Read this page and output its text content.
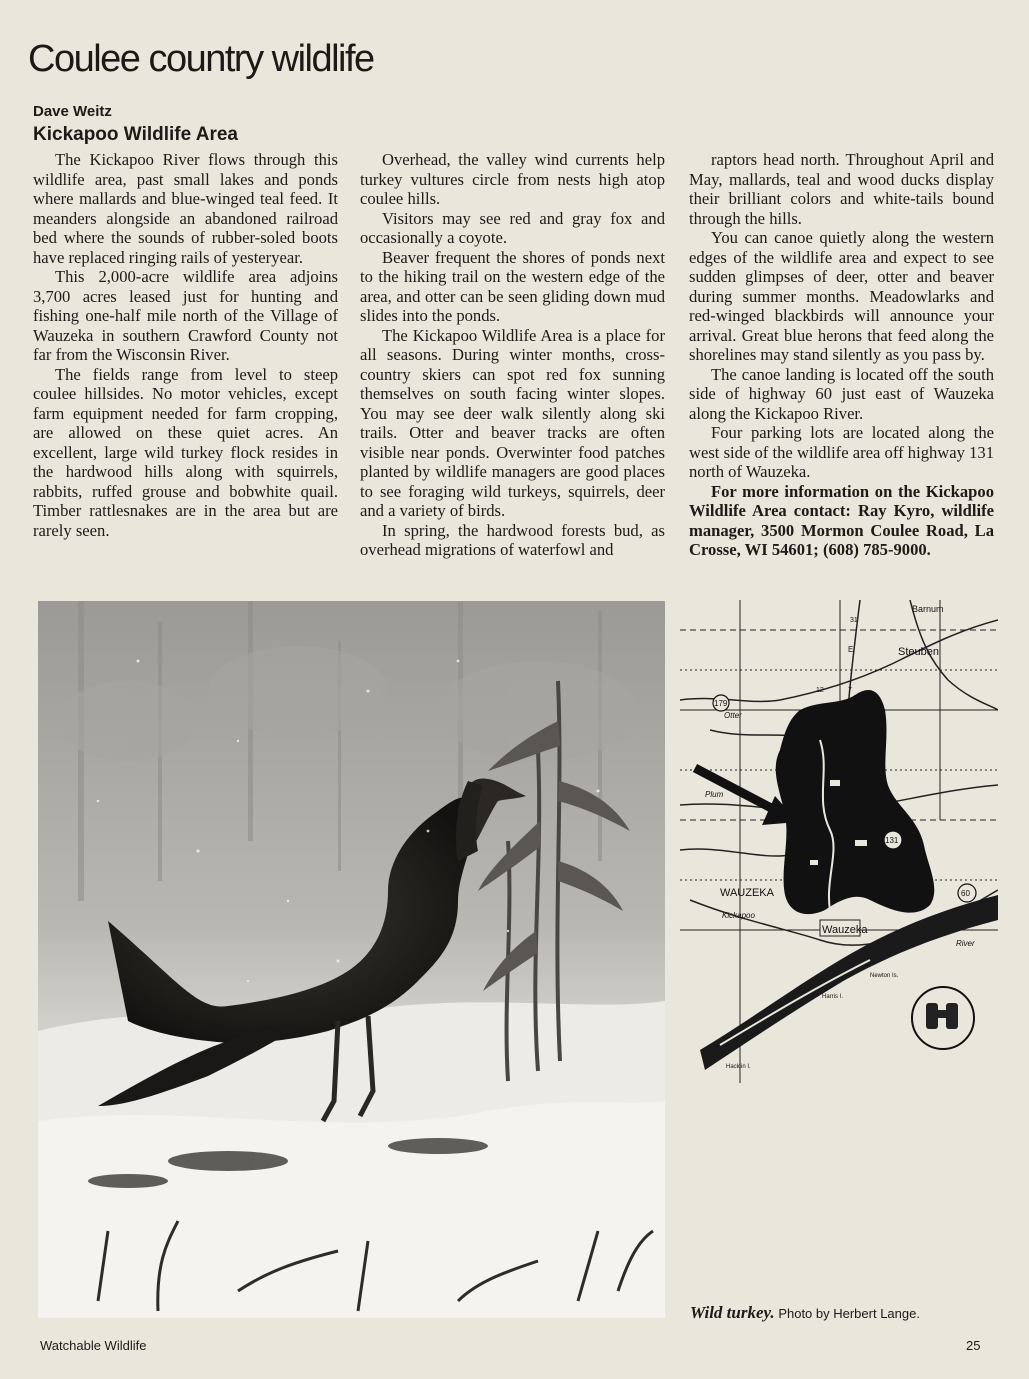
Coulee country wildlife
Dave Weitz
Kickapoo Wildlife Area

The Kickapoo River flows through this wildlife area, past small lakes and ponds where mallards and blue-winged teal feed. It meanders alongside an abandoned railroad bed where the sounds of rubber-soled boots have replaced ringing rails of yesteryear.

This 2,000-acre wildlife area adjoins 3,700 acres leased just for hunting and fishing one-half mile north of the Village of Wauzeka in southern Crawford County not far from the Wisconsin River.

The fields range from level to steep coulee hillsides. No motor vehicles, except farm equipment needed for farm cropping, are allowed on these quiet acres. An excellent, large wild turkey flock resides in the hardwood hills along with squirrels, rabbits, ruffed grouse and bobwhite quail. Timber rattlesnakes are in the area but are rarely seen.

Overhead, the valley wind currents help turkey vultures circle from nests high atop coulee hills.

Visitors may see red and gray fox and occasionally a coyote.

Beaver frequent the shores of ponds next to the hiking trail on the western edge of the area, and otter can be seen gliding down mud slides into the ponds.

The Kickapoo Wildlife Area is a place for all seasons. During winter months, cross-country skiers can spot red fox sunning themselves on south facing winter slopes. You may see deer walk silently along ski trails. Otter and beaver tracks are often visible near ponds. Overwinter food patches planted by wildlife managers are good places to see foraging wild turkeys, squirrels, deer and a variety of birds.

In spring, the hardwood forests bud, as overhead migrations of waterfowl and

raptors head north. Throughout April and May, mallards, teal and wood ducks display their brilliant colors and white-tails bound through the hills.

You can canoe quietly along the western edges of the wildlife area and expect to see sudden glimpses of deer, otter and beaver during summer months. Meadowlarks and red-winged blackbirds will announce your arrival. Great blue herons that feed along the shorelines may stand silently as you pass by.

The canoe landing is located off the south side of highway 60 just east of Wauzeka along the Kickapoo River.

Four parking lots are located along the west side of the wildlife area off highway 131 north of Wauzeka.

For more information on the Kickapoo Wildlife Area contact: Ray Kyro, wildlife manager, 3500 Mormon Coulee Road, La Crosse, WI 54601; (608) 785-9000.

Barnum
Steuben
WAUZEKA
Wauzeka
Newton Is.
Harris I.
Hacklin I.
River
Kickapoo
Otter
Plum
179
131
60
31
12
13
7
E
N
Wild turkey. Photo by Herbert Lange.
Watchable Wildlife	25
